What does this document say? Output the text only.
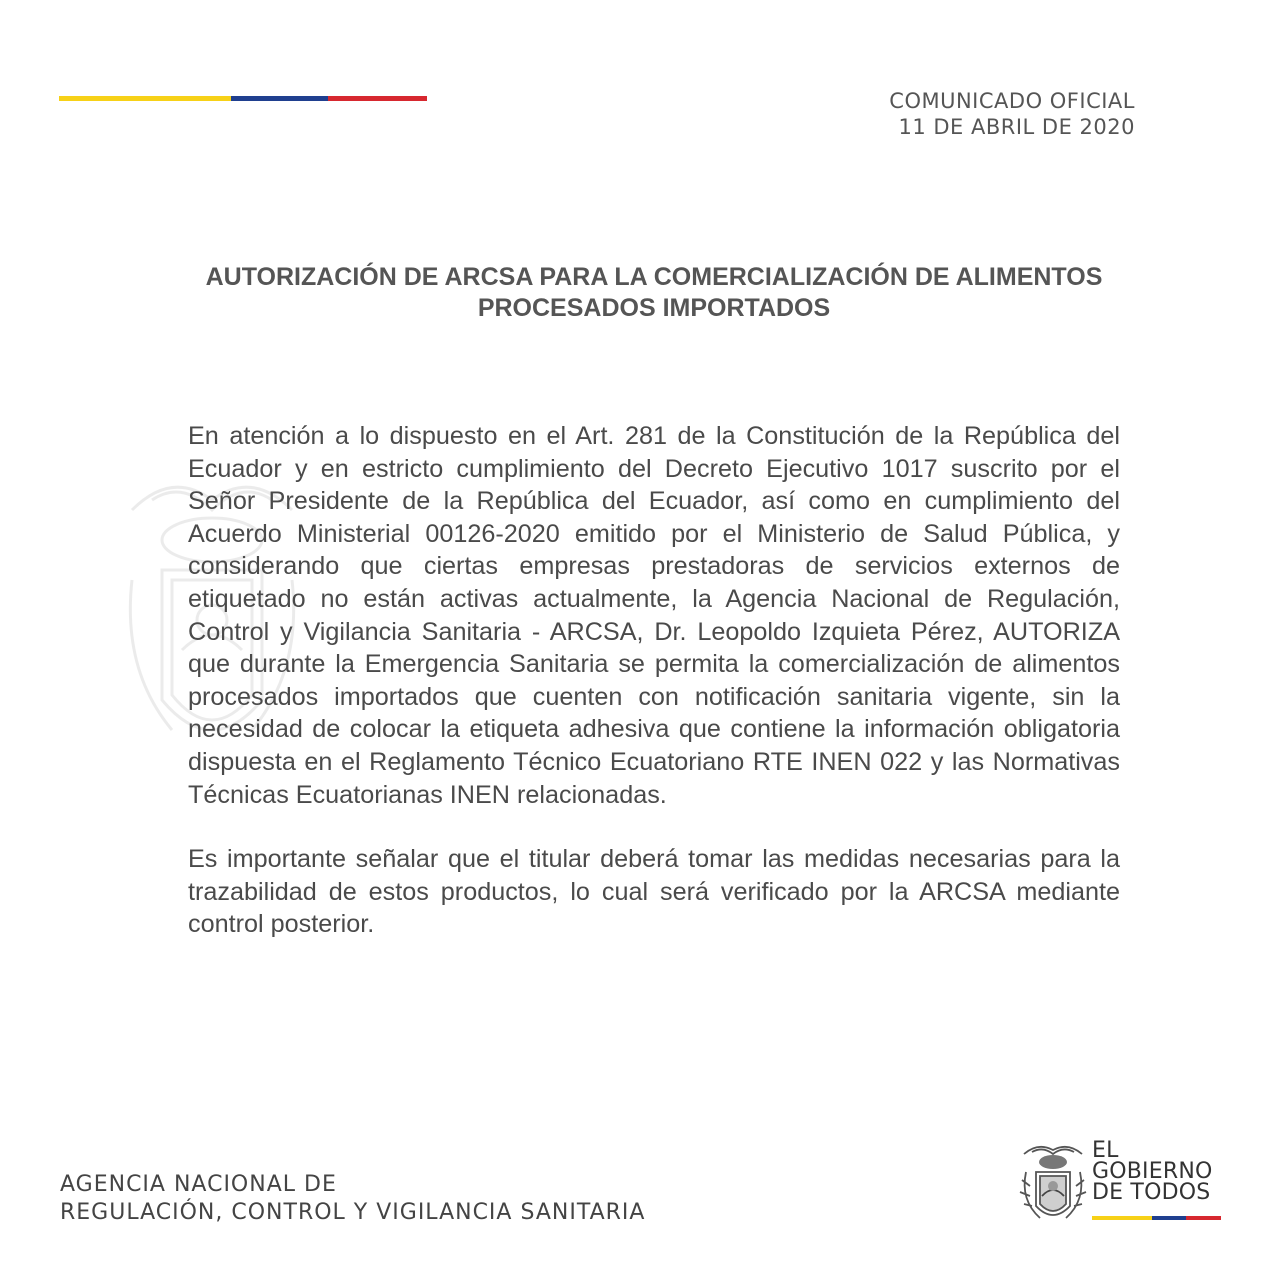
COMUNICADO OFICIAL
11 DE ABRIL DE 2020
AUTORIZACIÓN DE ARCSA PARA LA COMERCIALIZACIÓN DE ALIMENTOS
PROCESADOS IMPORTADOS

En atención a lo dispuesto en el Art. 281 de la Constitución de la República del Ecuador y en estricto cumplimiento del Decreto Ejecutivo 1017 suscrito por el Señor Presidente de la República del Ecuador, así como en cumplimiento del Acuerdo Ministerial 00126-2020 emitido por el Ministerio de Salud Pública, y considerando que ciertas empresas prestadoras de servicios externos de etiquetado no están activas actualmente, la Agencia Nacional de Regulación, Control y Vigilancia Sanitaria - ARCSA, Dr. Leopoldo Izquieta Pérez, AUTORIZA que durante la Emergencia Sanitaria se permita la comercialización de alimentos procesados importados que cuenten con notificación sanitaria vigente, sin la necesidad de colocar la etiqueta adhesiva que contiene la información obligatoria dispuesta en el Reglamento Técnico Ecuatoriano RTE INEN 022 y las Normativas Técnicas Ecuatorianas INEN relacionadas.

Es importante señalar que el titular deberá tomar las medidas necesarias para la trazabilidad de estos productos, lo cual será verificado por la ARCSA mediante control posterior.

AGENCIA NACIONAL DE
REGULACIÓN, CONTROL Y VIGILANCIA SANITARIA
EL
GOBIERNO
DE TODOS
